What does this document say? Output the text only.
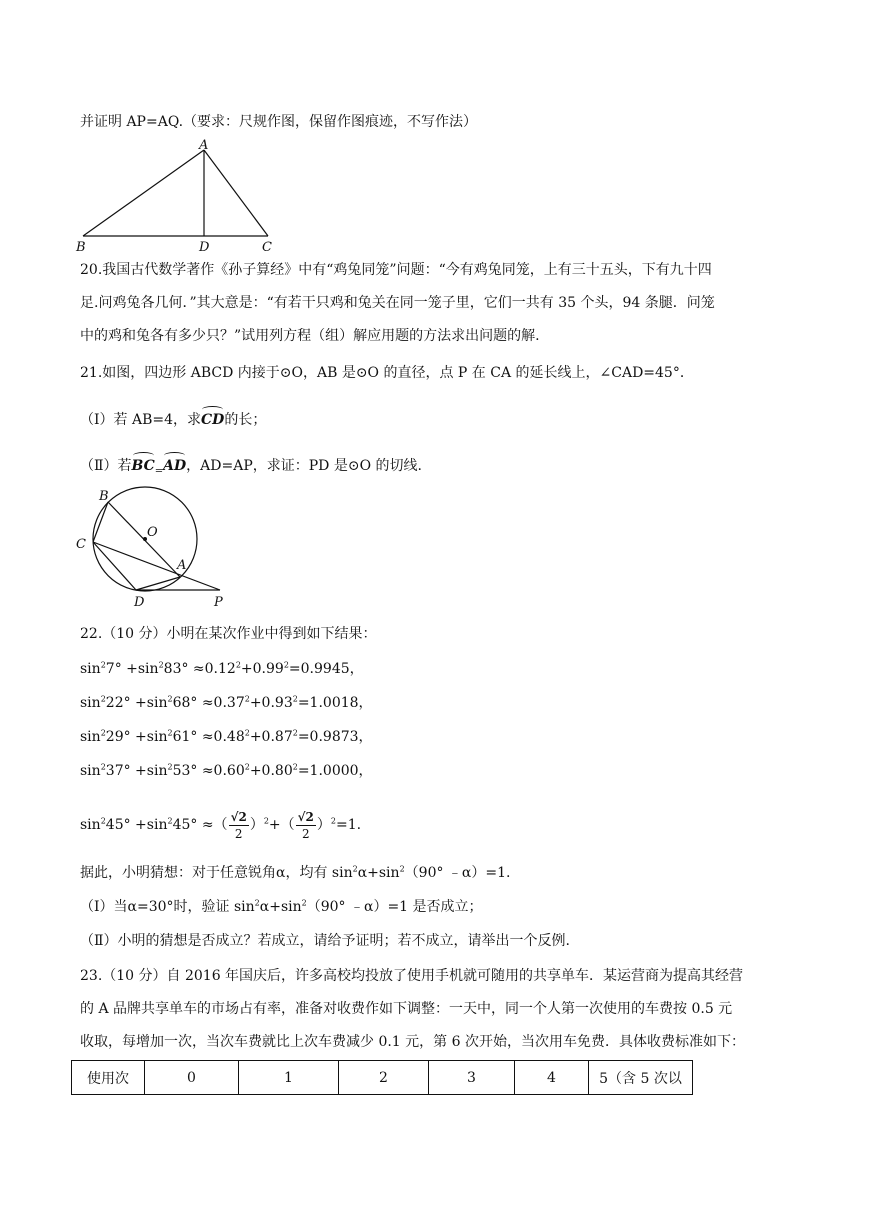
并证明 AP=AQ.（要求：尺规作图，保留作图痕迹，不写作法）
A
B	D	C
20.我国古代数学著作《孙子算经》中有“鸡兔同笼”问题：“今有鸡兔同笼，上有三十五头，下有九十四
足.问鸡兔各几何．”其大意是：“有若干只鸡和兔关在同一笼子里，它们一共有 35 个头，94 条腿．问笼
中的鸡和兔各有多少只？”试用列方程（组）解应用题的方法求出问题的解.
21.如图，四边形 ABCD 内接于⊙O，AB 是⊙O 的直径，点 P 在 CA 的延长线上，∠CAD=45°．
（Ⅰ）若 AB=4，求CD的长；
（Ⅱ）若$BC_=AD$，AD=AP，求证：PD 是⊙O 的切线.
B
O
C
A
D	P
22.（10 分）小明在某次作业中得到如下结果：
$\sin^27^\circ +\sin^283^\circ \approx 0.12^2+0.99^2=0.9945$，
$\sin^222^\circ +\sin^268^\circ \approx 0.37^2+0.93^2=1.0018$，
$\sin^229^\circ +\sin^261^\circ \approx 0.48^2+0.87^2=0.9873$，
$\sin^237^\circ +\sin^253^\circ \approx 0.60^2+0.80^2=1.0000$，
$\sin^245^\circ +\sin^245^\circ$ ≈（ $\frac{√2}{2} )^2+( \frac{√2}{2} )^2=1$.
据此，小明猜想：对于任意锐角α，均有 $\sin^2\alpha+\sin^2(90^\circ$ ﹣α）=1.
（Ⅰ）当α=30°时，验证 $\sin^2\alpha+\sin^2(90^\circ$ ﹣α）=1 是否成立；
（Ⅱ）小明的猜想是否成立？若成立，请给予证明；若不成立，请举出一个反例.
23.（10 分）自 2016 年国庆后，许多高校均投放了使用手机就可随用的共享单车．某运营商为提高其经营
的 A 品牌共享单车的市场占有率，准备对收费作如下调整：一天中，同一个人第一次使用的车费按 0.5 元
收取，每增加一次，当次车费就比上次车费减少 0.1 元，第 6 次开始，当次用车免费．具体收费标准如下：
使用次	0	1	2	3	4	5（含 5 次以
